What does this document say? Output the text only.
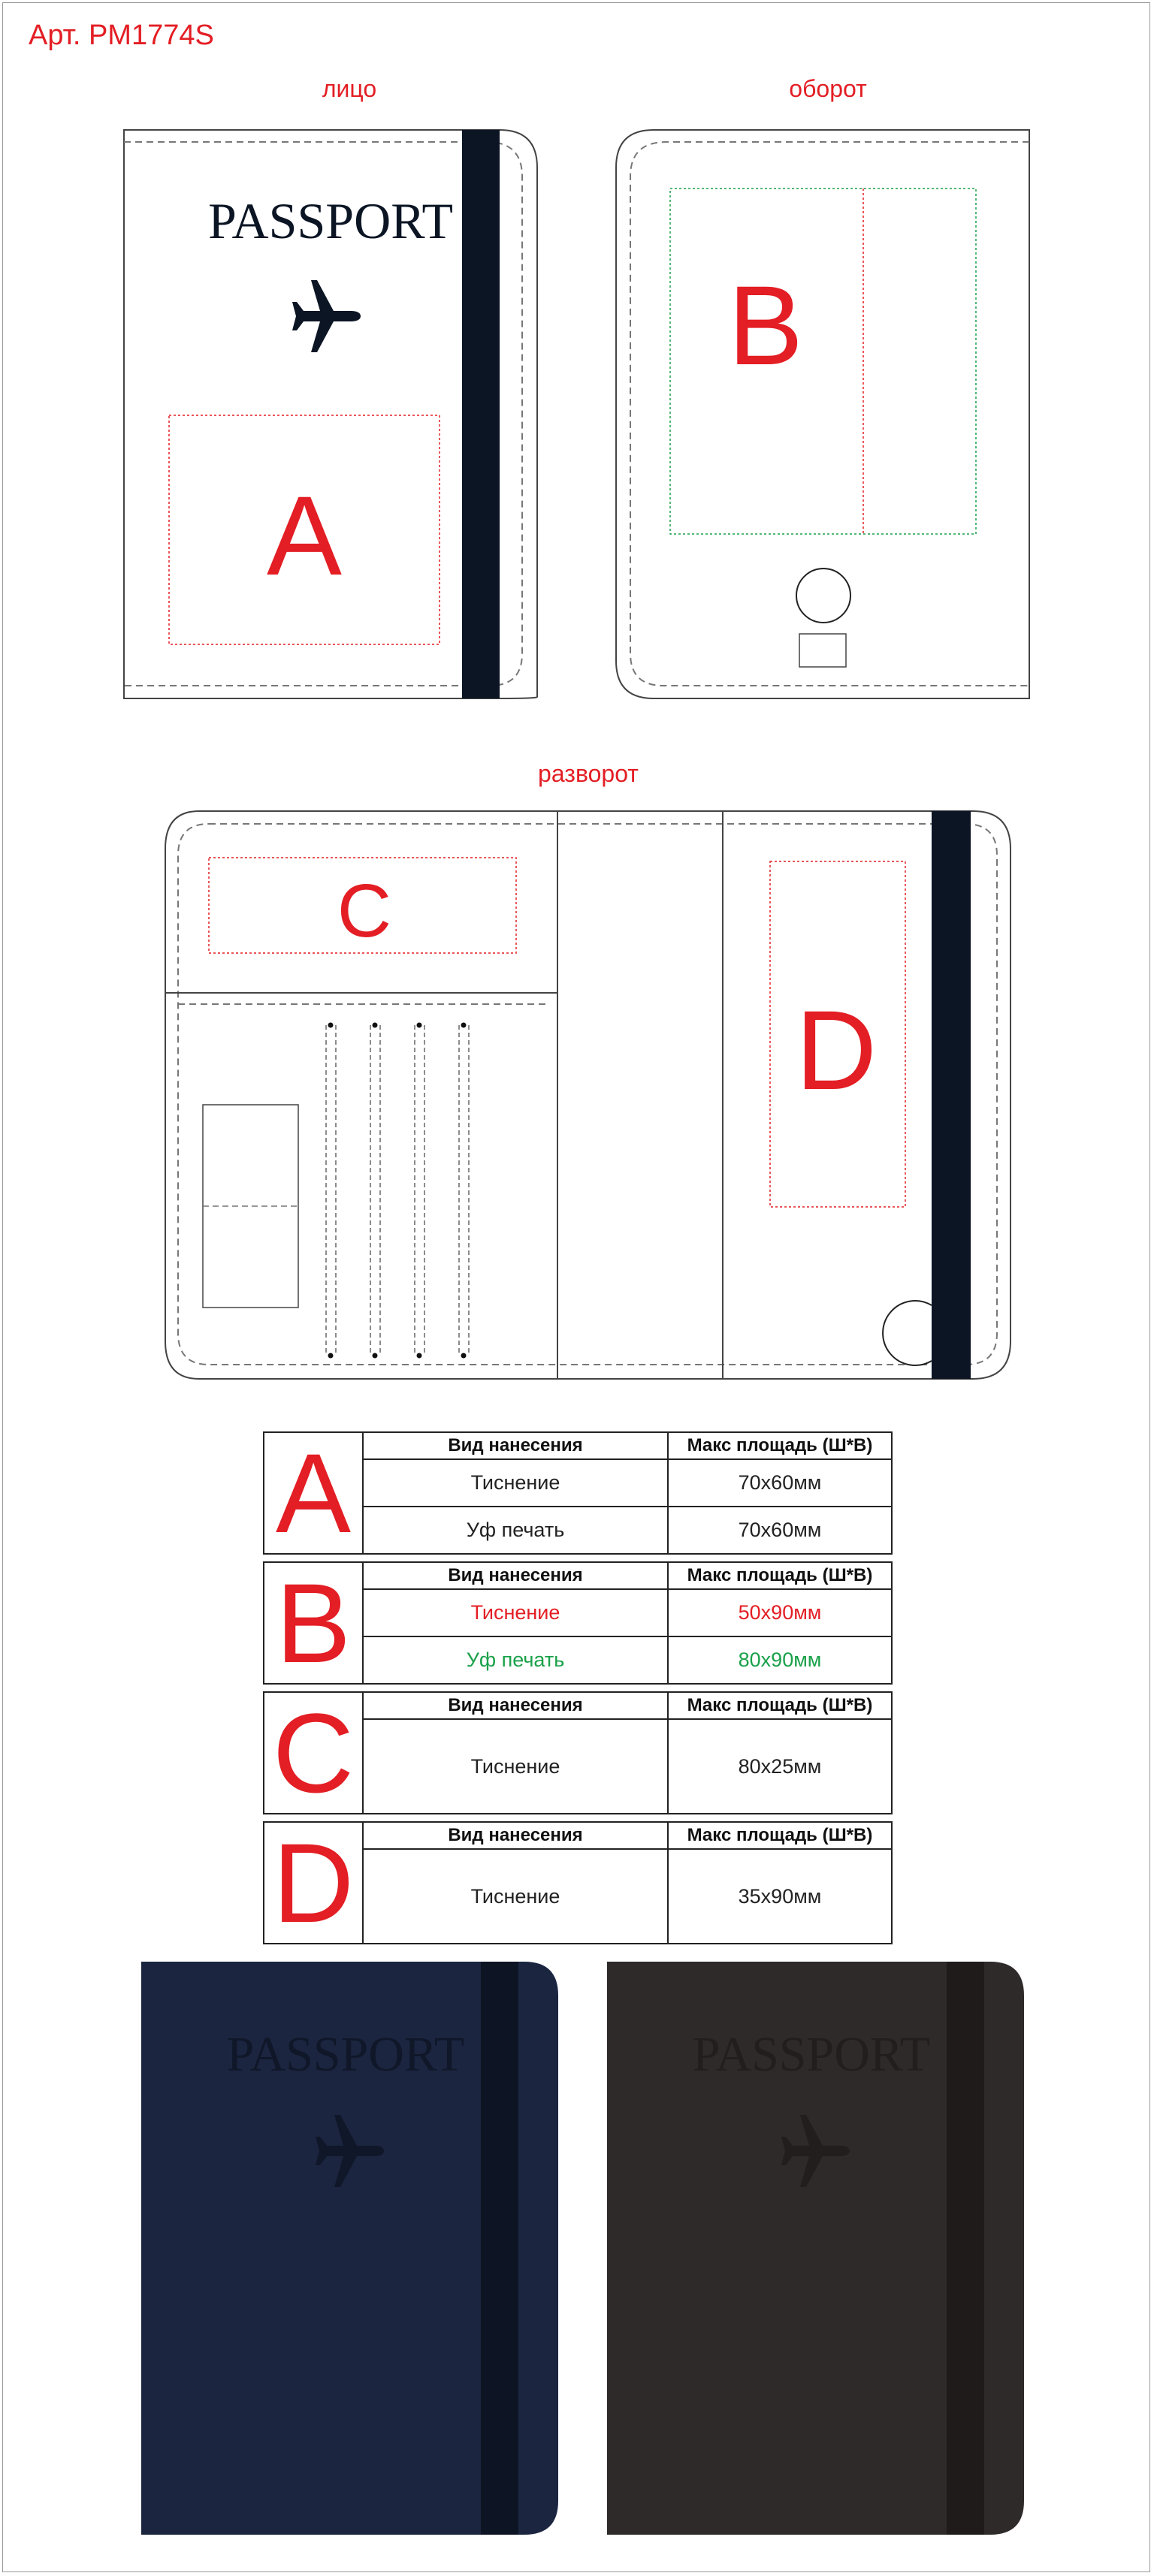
Арт. PM1774S
лицо	оборот
разворот
PASSPORT
A
B
C
D
A	Вид нанесения	Макс площадь (Ш*В)
Тиснение	70x60мм
Уф печать	70x60мм
B	Вид нанесения	Макс площадь (Ш*В)
Тиснение	50x90мм
Уф печать	80x90мм
C	Вид нанесения	Макс площадь (Ш*В)
Тиснение	80x25мм
D	Вид нанесения	Макс площадь (Ш*В)
Тиснение	35x90мм
PASSPORT	PASSPORT
